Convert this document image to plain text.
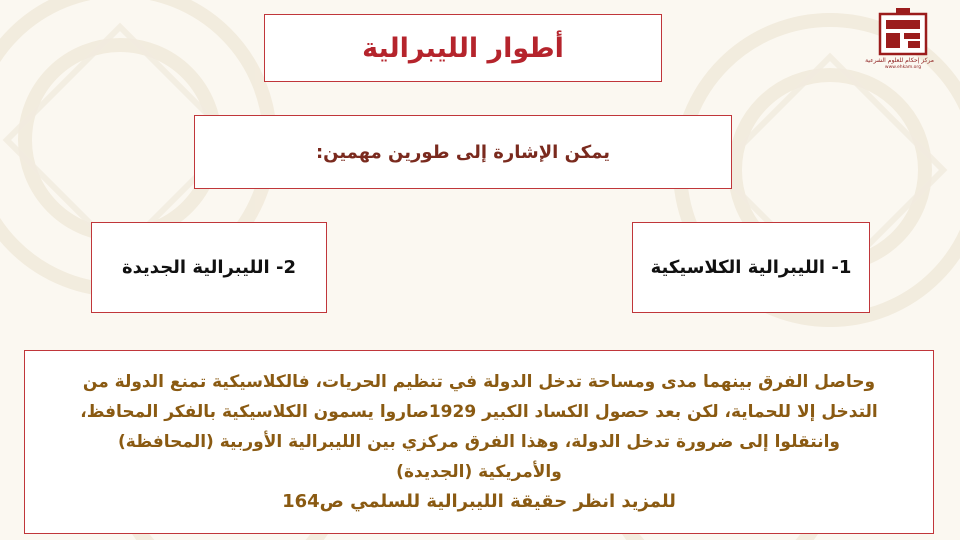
مركز إحكام للعلوم الشرعية
www.ehkam.org
أطوار الليبرالية
يمكن الإشارة إلى طورين مهمين:
1- الليبرالية الكلاسيكية
2- الليبرالية الجديدة
وحاصل الفرق بينهما مدى ومساحة تدخل الدولة في تنظيم الحريات، فالكلاسيكية تمنع الدولة من
التدخل إلا للحماية، لكن بعد حصول الكساد الكبير 1929صاروا يسمون الكلاسيكية بالفكر المحافظ،
وانتقلوا إلى ضرورة تدخل الدولة، وهذا الفرق مركزي بين الليبرالية الأوربية (المحافظة)
والأمريكية (الجديدة)
للمزيد انظر حقيقة الليبرالية للسلمي ص164
